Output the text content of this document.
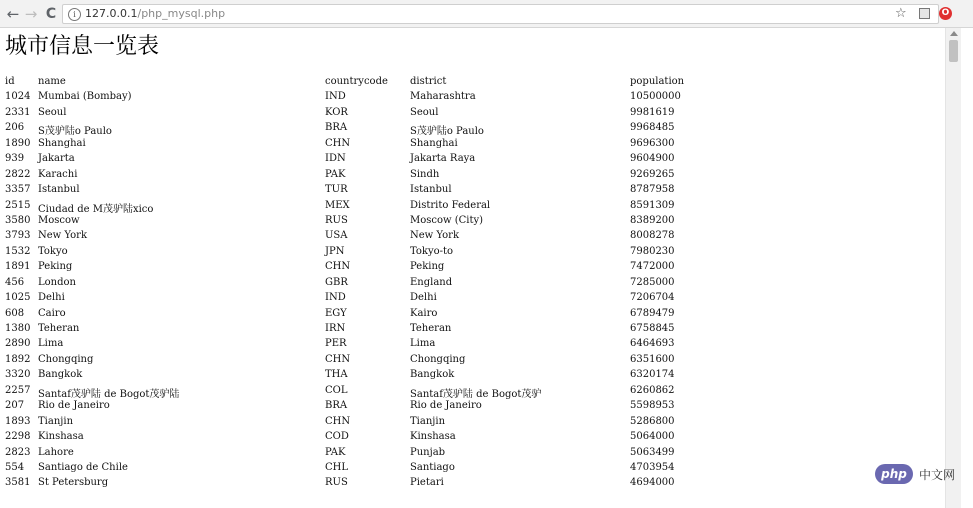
← → C	i 127.0.0.1/php_mysql.php	☆	O
城市信息一览表
id name	countrycode district	population
1024 Mumbai (Bombay)	IND	Maharashtra	10500000
2331 Seoul	KOR	Seoul	9981619
206 S茂驴陆o Paulo	BRA	S茂驴陆o Paulo	9968485
1890 Shanghai	CHN	Shanghai	9696300
939 Jakarta	IDN	Jakarta Raya	9604900
2822 Karachi	PAK	Sindh	9269265
3357 Istanbul	TUR	Istanbul	8787958
2515 Ciudad de M茂驴陆xico	MEX	Distrito Federal	8591309
3580 Moscow	RUS	Moscow (City)	8389200
3793 New York	USA	New York	8008278
1532 Tokyo	JPN	Tokyo-to	7980230
1891 Peking	CHN	Peking	7472000
456 London	GBR	England	7285000
1025 Delhi	IND	Delhi	7206704
608 Cairo	EGY	Kairo	6789479
1380 Teheran	IRN	Teheran	6758845
2890 Lima	PER	Lima	6464693
1892 Chongqing	CHN	Chongqing	6351600
3320 Bangkok	THA	Bangkok	6320174
2257 Santaf茂驴陆 de Bogot茂驴陆	COL	Santaf茂驴陆 de Bogot茂驴	6260862
207 Rio de Janeiro	BRA	Rio de Janeiro	5598953
1893 Tianjin	CHN	Tianjin	5286800
2298 Kinshasa	COD	Kinshasa	5064000
2823 Lahore	PAK	Punjab	5063499
554 Santiago de Chile	CHL	Santiago	4703954
3581 St Petersburg	RUS	Pietari	4694000
php	中文网
